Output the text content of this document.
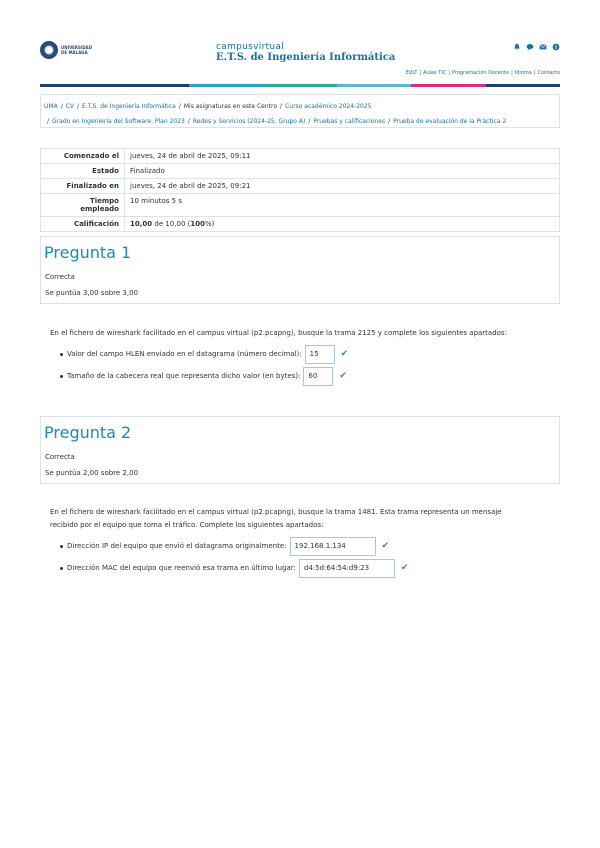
UNIVERSIDAD DE MÁLAGA
campusvirtual
E.T.S. de Ingeniería Informática
EVLT | Aulas TIC | Programación Docente | Idioma | Contacto
UMA / CV / E.T.S. de Ingeniería Informática / Mis asignaturas en este Centro / Curso académico 2024-2025
/ Grado en Ingeniería del Software. Plan 2023 / Redes y Servicios (2024-25, Grupo A) / Pruebas y calificaciones / Prueba de evaluación de la Práctica 2
Comenzado el	jueves, 24 de abril de 2025, 09:11
Estado	Finalizado
Finalizado en	jueves, 24 de abril de 2025, 09:21
Tiempo
empleado	10 minutos 5 s
Calificación	10,00 de 10,00 (100%)
Pregunta 1
Correcta
Se puntúa 3,00 sobre 3,00
En el fichero de wireshark facilitado en el campus virtual (p2.pcapng), busque la trama 2125 y complete los siguientes apartados:
Valor del campo HLEN enviado en el datagrama (número decimal):	15	✔
Tamaño de la cabecera real que representa dicho valor (en bytes):	60	✔
Pregunta 2
Correcta
Se puntúa 2,00 sobre 2,00
En el fichero de wireshark facilitado en el campus virtual (p2.pcapng), busque la trama 1481. Esta trama representa un mensaje
recibido por el equipo que toma el tráfico. Complete los siguientes apartados:
Dirección IP del equipo que envió el datagrama originalmente:	192.168.1.134	✔
Dirección MAC del equipo que reenvió esa trama en último lugar:	d4:5d:64:54:d9:23	✔
